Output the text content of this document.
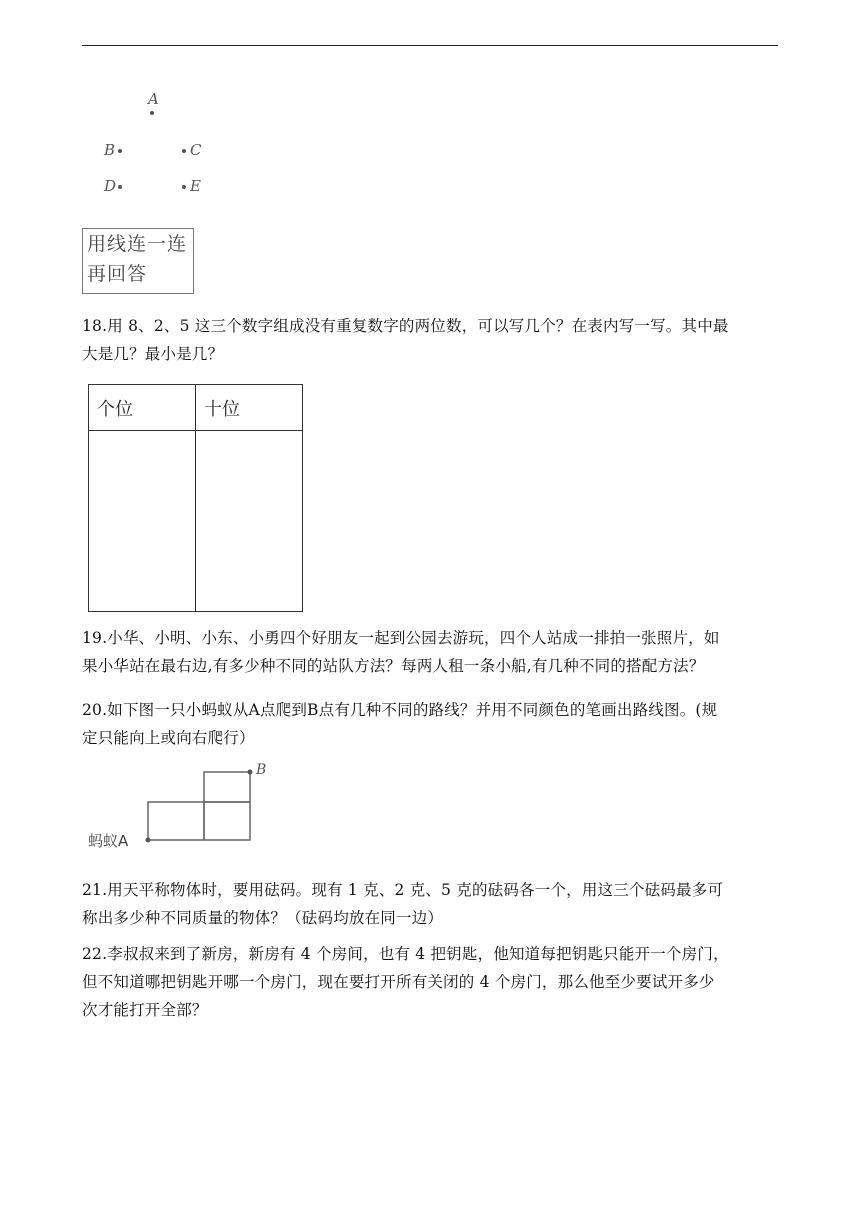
A
B	C
D	E
用线连一连
再回答
18.用 8、2、5 这三个数字组成没有重复数字的两位数，可以写几个？在表内写一写。其中最
大是几？最小是几？
个位	十位

19.小华、小明、小东、小勇四个好朋友一起到公园去游玩，四个人站成一排拍一张照片，如
果小华站在最右边,有多少种不同的站队方法？每两人租一条小船,有几种不同的搭配方法？
20.如下图一只小蚂蚁从A点爬到B点有几种不同的路线？并用不同颜色的笔画出路线图。(规
定只能向上或向右爬行）
蚂蚁A
B
21.用天平称物体时，要用砝码。现有 1 克、2 克、5 克的砝码各一个，用这三个砝码最多可
称出多少种不同质量的物体？（砝码均放在同一边）
22.李叔叔来到了新房，新房有 4 个房间，也有 4 把钥匙，他知道每把钥匙只能开一个房门，
但不知道哪把钥匙开哪一个房门，现在要打开所有关闭的 4 个房门，那么他至少要试开多少
次才能打开全部？
